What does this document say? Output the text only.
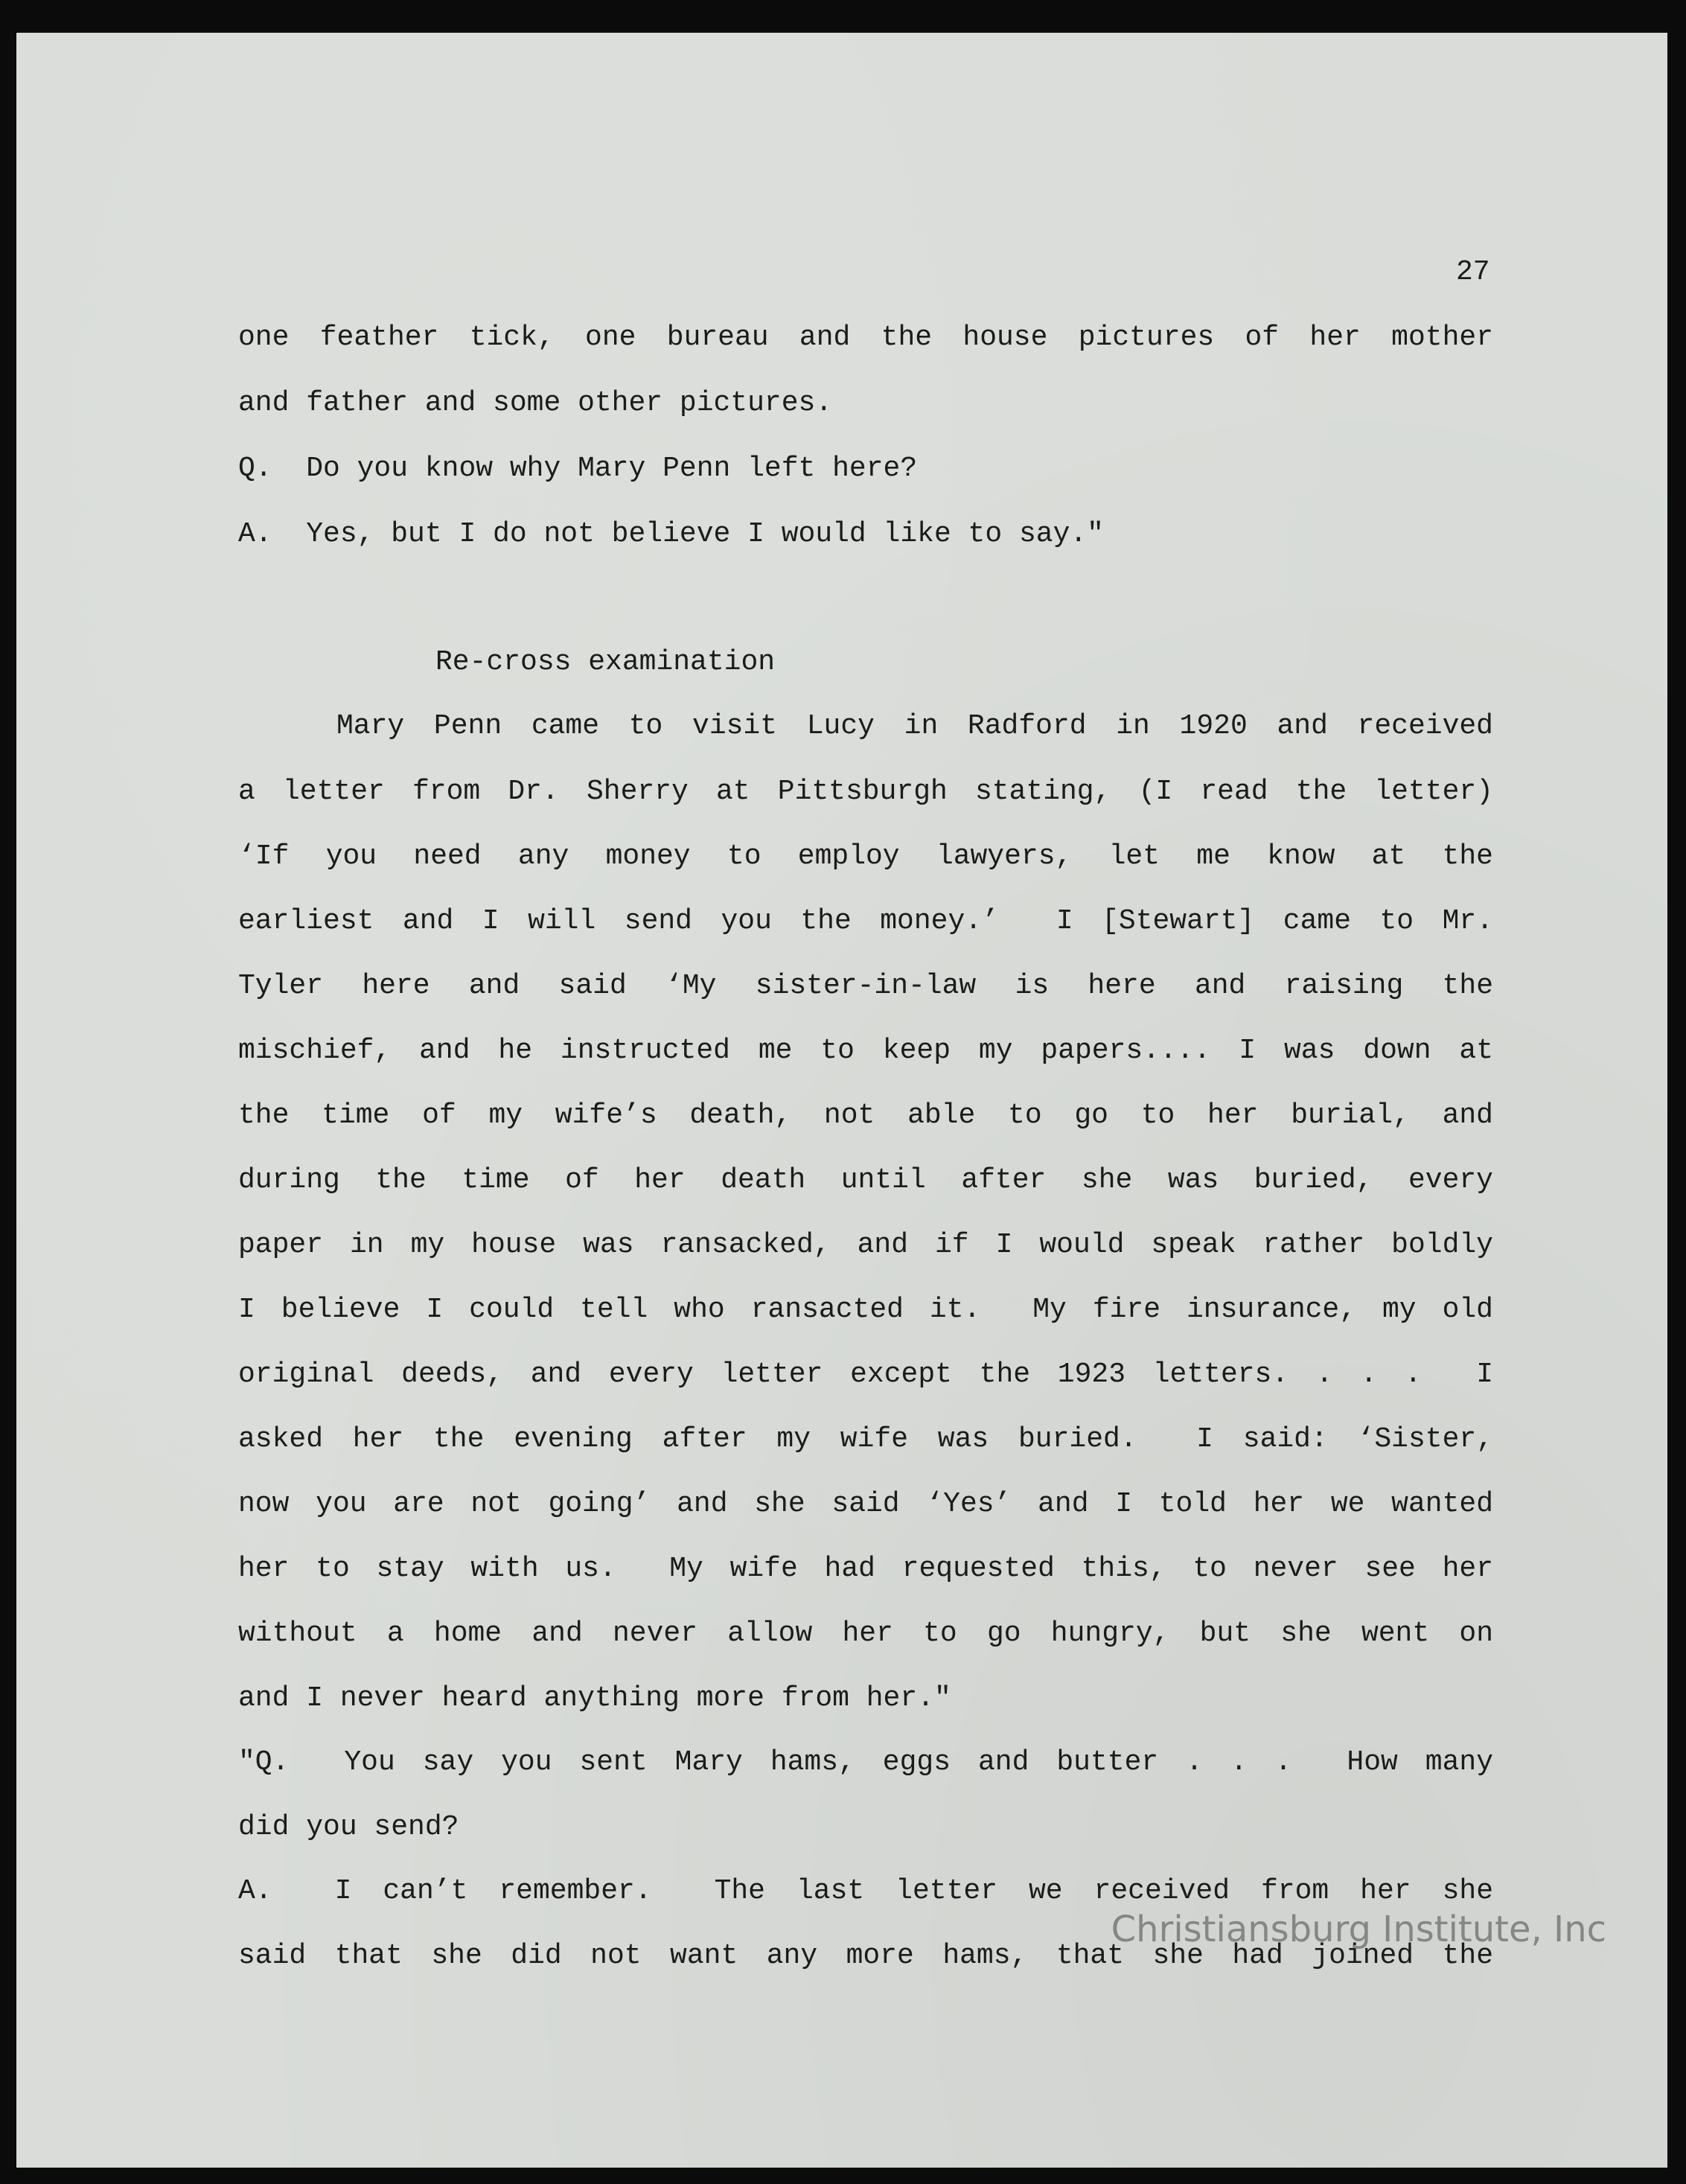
27
one feather tick, one bureau and the house pictures of her mother
and father and some other pictures.
Q.  Do you know why Mary Penn left here?
A.  Yes, but I do not believe I would like to say."
Re-cross examination
Mary Penn came to visit Lucy in Radford in 1920 and received
a letter from Dr. Sherry at Pittsburgh stating, (I read the letter)
‘If you need any money to employ lawyers, let me know at the
earliest and I will send you the money.’  I [Stewart] came to Mr.
Tyler here and said ‘My sister-in-law is here and raising the
mischief, and he instructed me to keep my papers.... I was down at
the time of my wife’s death, not able to go to her burial, and
during the time of her death until after she was buried, every
paper in my house was ransacked, and if I would speak rather boldly
I believe I could tell who ransacted it.  My fire insurance, my old
original deeds, and every letter except the 1923 letters. . . .  I
asked her the evening after my wife was buried.  I said: ‘Sister,
now you are not going’ and she said ‘Yes’ and I told her we wanted
her to stay with us.  My wife had requested this, to never see her
without a home and never allow her to go hungry, but she went on
and I never heard anything more from her."
"Q.  You say you sent Mary hams, eggs and butter . . .  How many
did you send?
A.  I can’t remember.  The last letter we received from her she
said that she did not want any more hams, that she had joined the
Christiansburg Institute, Inc
